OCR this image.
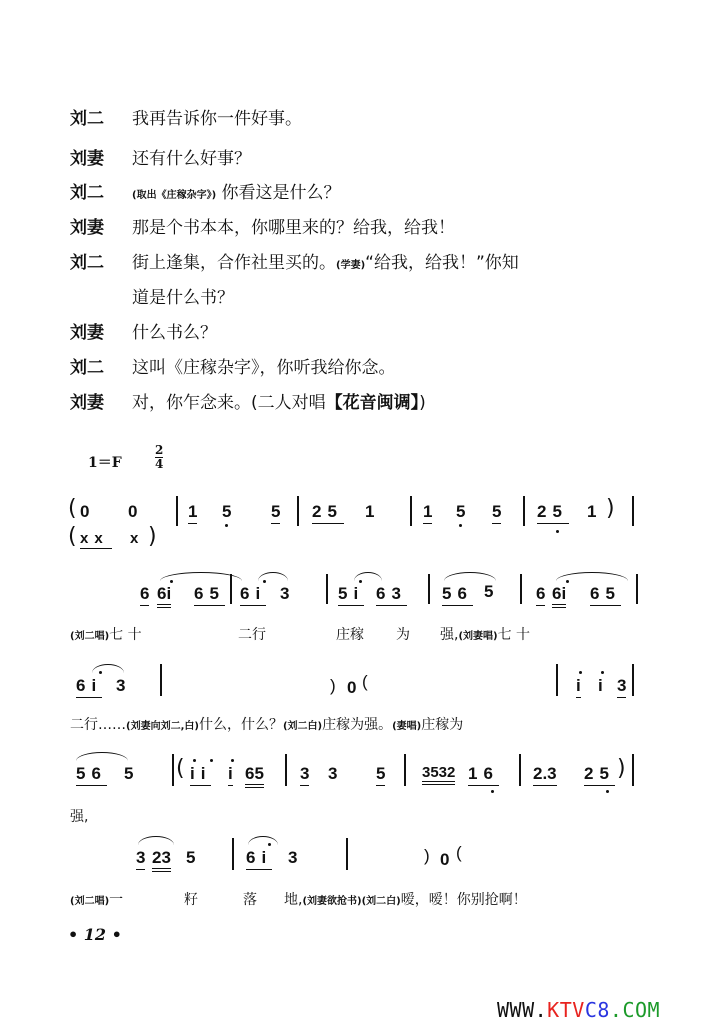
刘二 我再告诉你一件好事。
刘妻 还有什么好事？
刘二	(取出《庄稼杂字》) 你看这是什么？
刘妻 那是个书本本，你哪里来的？给我，给我！
刘二 街上逢集，合作社里买的。(学妻)“给我，给我！”你知
道是什么书？
刘妻 什么书么？
刘二 这叫《庄稼杂字》，你听我给你念。
刘妻 对，你乍念来。(二人对唱【花音闽调】)
1＝F	$\frac{2}{4}$
( 0 0	1 5 5 25 1	1 5 5 25 1 )
( xx x )
6 6i 65 6i 3	5i 63 56 5	6 6i 65
(刘二唱)七 十	二行	庄稼 为 强,(刘妻唱)七 十
6i 3	) 0 (	i i 3
二行……(刘妻向刘二,白)什么，什么？(刘二白)庄稼为强。(妻唱)庄稼为
56 5 ( ii i 65 3 3 5 3532 16 2.3 25 )
强,
3 23 5	6i 3	) 0 (
(刘二唱)一	籽	落 地,(刘妻欲抢书)(刘二白)嗳，嗳！你别抢啊！
• 12 •
WWW.KTVC8.COM
